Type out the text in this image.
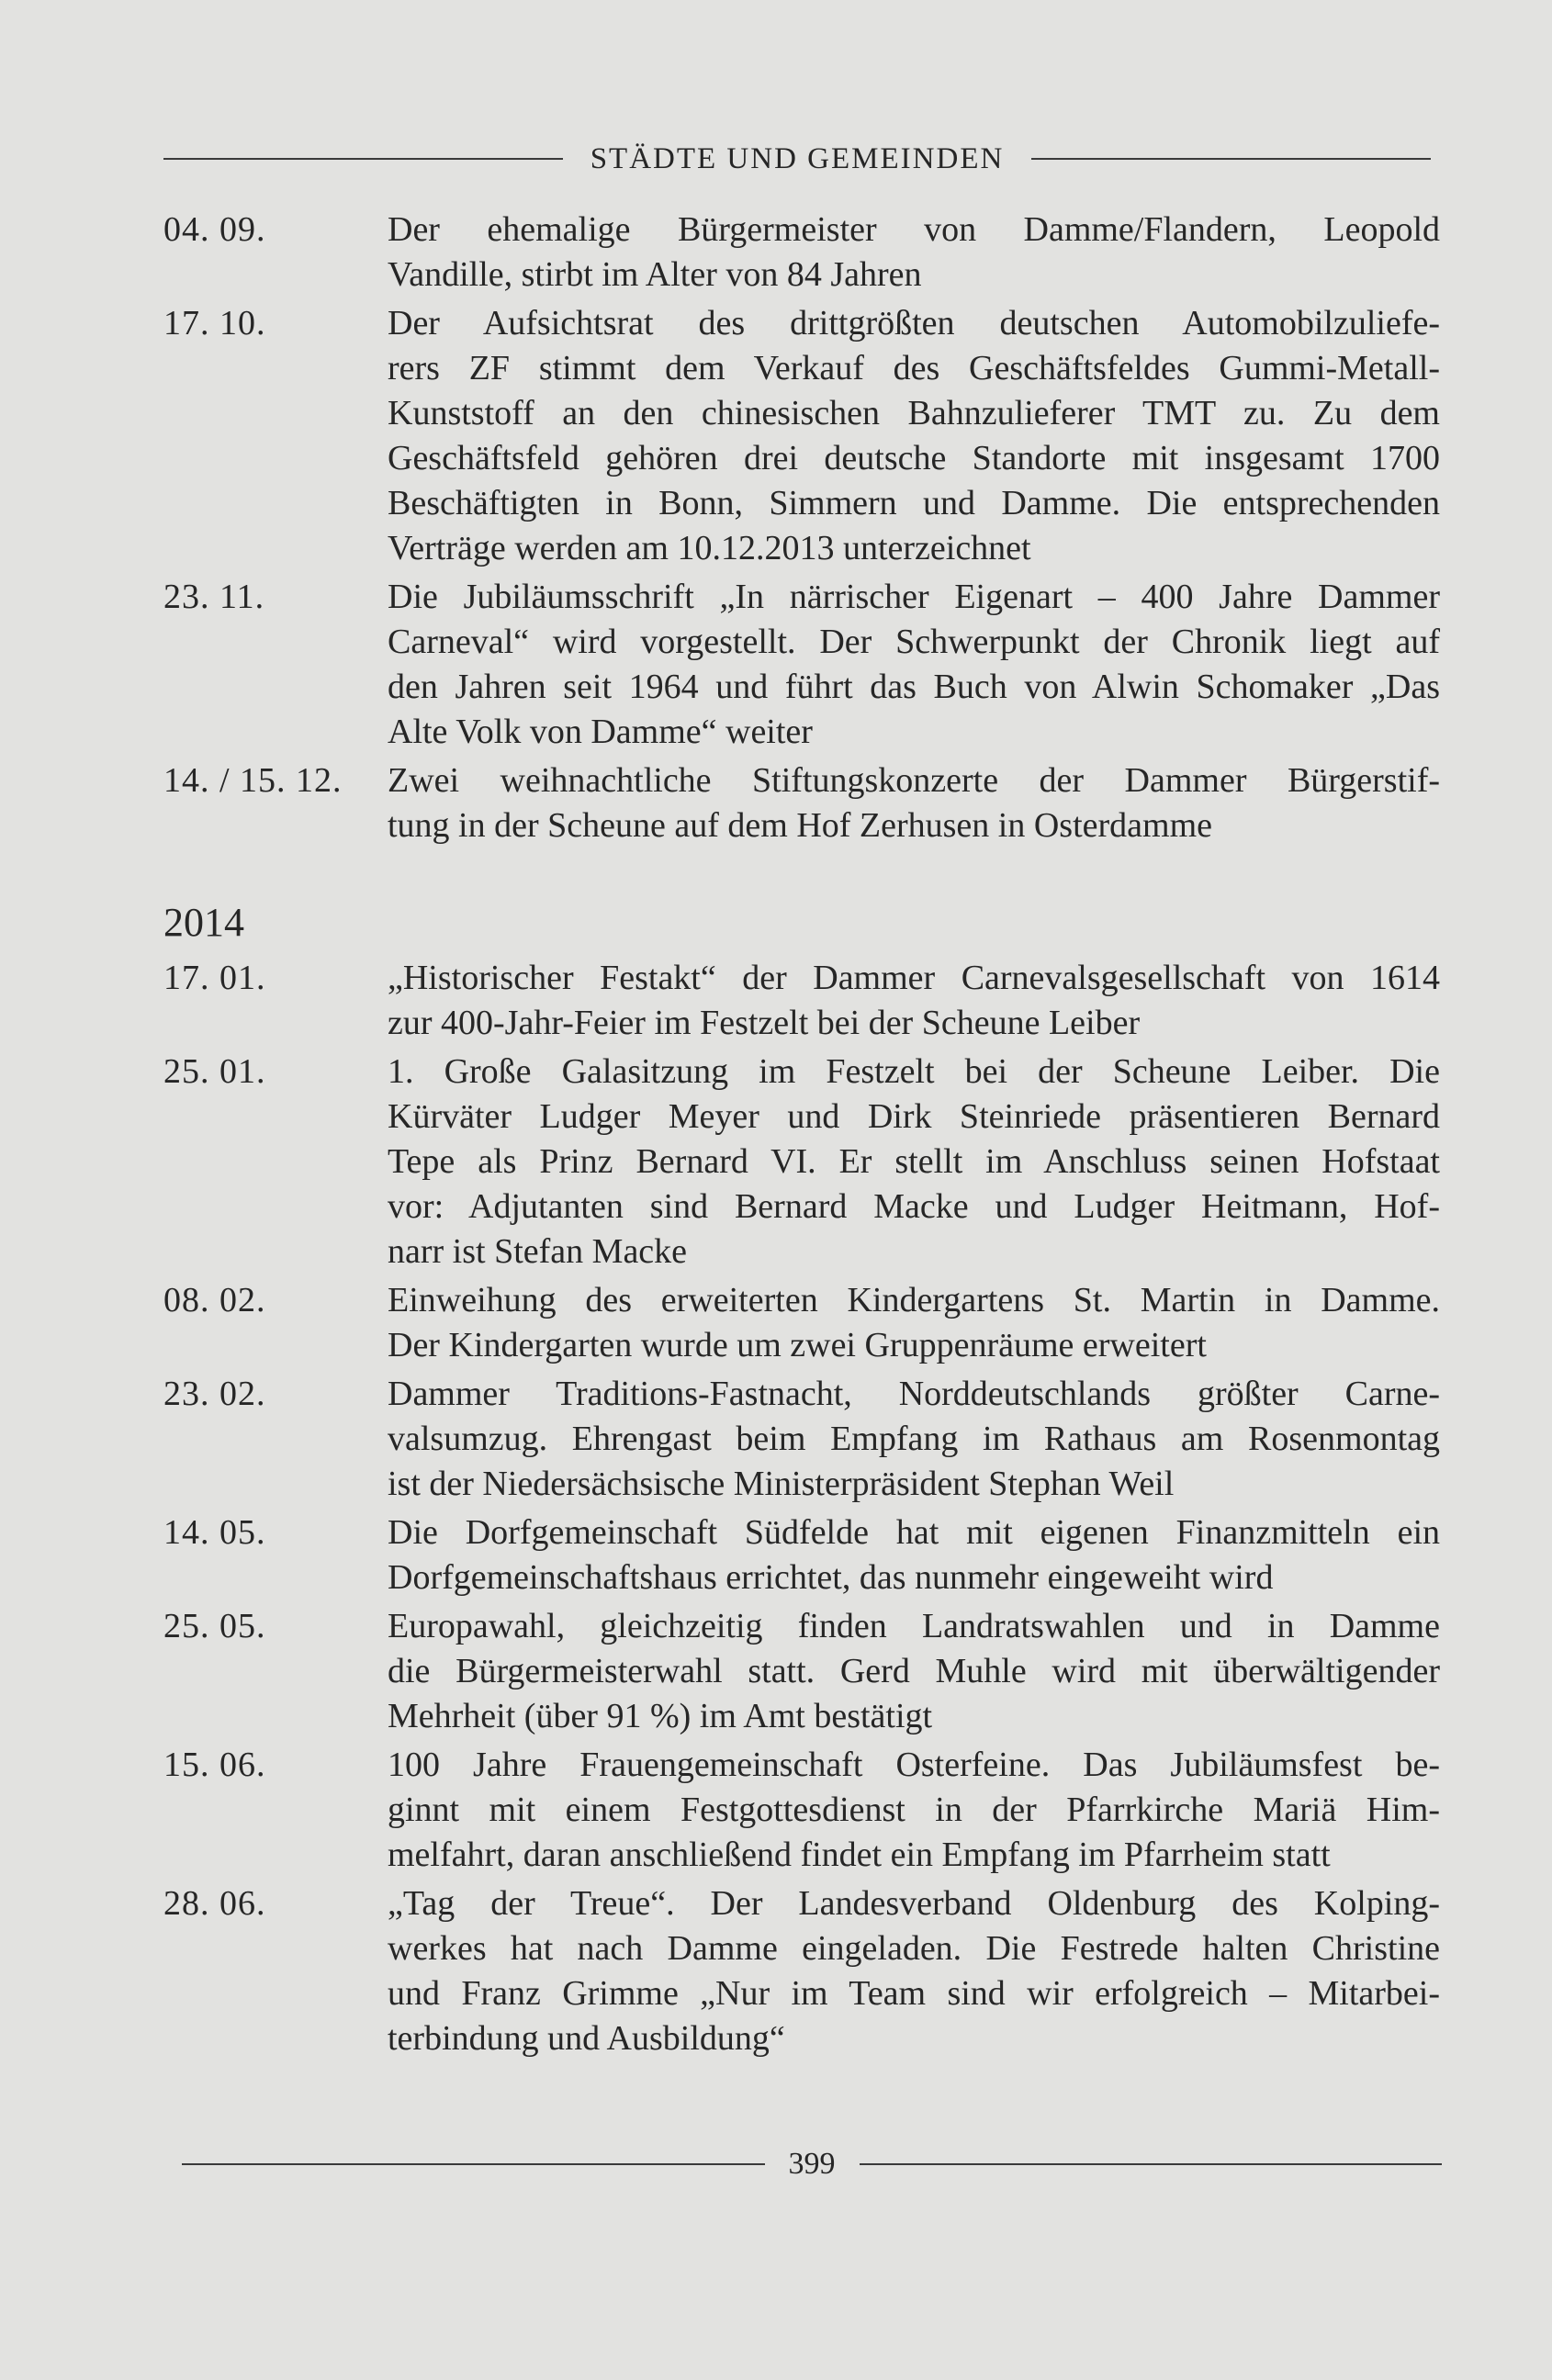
STÄDTE UND GEMEINDEN
04. 09.	Der ehemalige Bürgermeister von Damme/Flandern, Leopold
Vandille, stirbt im Alter von 84 Jahren
17. 10.	Der Aufsichtsrat des drittgrößten deutschen Automobilzuliefe-
rers ZF stimmt dem Verkauf des Geschäftsfeldes Gummi-Metall-
Kunststoff an den chinesischen Bahnzulieferer TMT zu. Zu dem
Geschäftsfeld gehören drei deutsche Standorte mit insgesamt 1700
Beschäftigten in Bonn, Simmern und Damme. Die entsprechenden
Verträge werden am 10.12.2013 unterzeichnet
23. 11.	Die Jubiläumsschrift „In närrischer Eigenart – 400 Jahre Dammer
Carneval“ wird vorgestellt. Der Schwerpunkt der Chronik liegt auf
den Jahren seit 1964 und führt das Buch von Alwin Schomaker „Das
Alte Volk von Damme“ weiter
14. / 15. 12. Zwei weihnachtliche Stiftungskonzerte der Dammer Bürgerstif-
tung in der Scheune auf dem Hof Zerhusen in Osterdamme
2014
17. 01.	„Historischer Festakt“ der Dammer Carnevalsgesellschaft von 1614
zur 400-Jahr-Feier im Festzelt bei der Scheune Leiber
25. 01.	1. Große Galasitzung im Festzelt bei der Scheune Leiber. Die
Kürväter Ludger Meyer und Dirk Steinriede präsentieren Bernard
Tepe als Prinz Bernard VI. Er stellt im Anschluss seinen Hofstaat
vor: Adjutanten sind Bernard Macke und Ludger Heitmann, Hof-
narr ist Stefan Macke
08. 02.	Einweihung des erweiterten Kindergartens St. Martin in Damme.
Der Kindergarten wurde um zwei Gruppenräume erweitert
23. 02.	Dammer Traditions-Fastnacht, Norddeutschlands größter Carne-
valsumzug. Ehrengast beim Empfang im Rathaus am Rosenmontag
ist der Niedersächsische Ministerpräsident Stephan Weil
14. 05.	Die Dorfgemeinschaft Südfelde hat mit eigenen Finanzmitteln ein
Dorfgemeinschaftshaus errichtet, das nunmehr eingeweiht wird
25. 05.	Europawahl, gleichzeitig finden Landratswahlen und in Damme
die Bürgermeisterwahl statt. Gerd Muhle wird mit überwältigender
Mehrheit (über 91 %) im Amt bestätigt
15. 06.	100 Jahre Frauengemeinschaft Osterfeine. Das Jubiläumsfest be-
ginnt mit einem Festgottesdienst in der Pfarrkirche Mariä Him-
melfahrt, daran anschließend findet ein Empfang im Pfarrheim statt
28. 06.	„Tag der Treue“. Der Landesverband Oldenburg des Kolping-
werkes hat nach Damme eingeladen. Die Festrede halten Christine
und Franz Grimme „Nur im Team sind wir erfolgreich – Mitarbei-
terbindung und Ausbildung“
399
